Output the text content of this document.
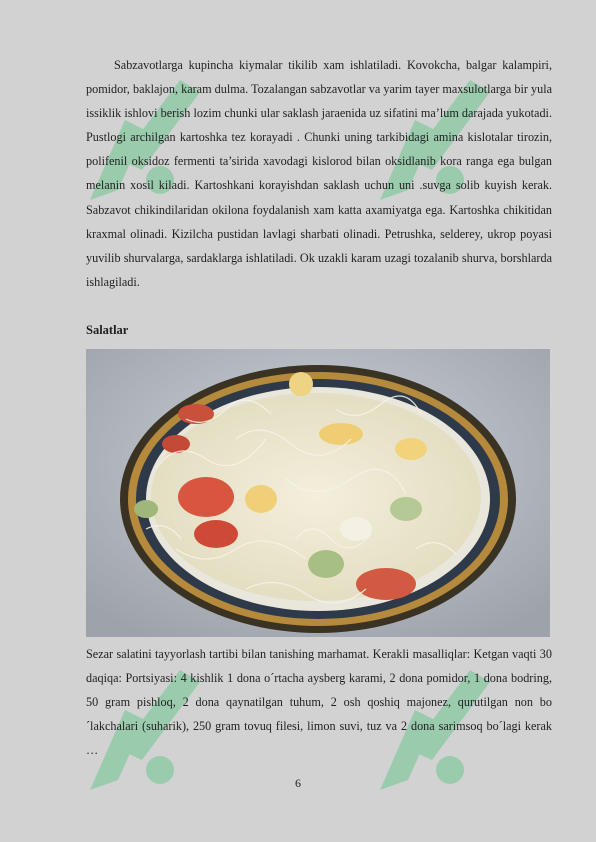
Sabzavotlarga kupincha kiymalar tikilib xam ishlatiladi. Kovokcha, balgar kalampiri, pomidor, baklajon, karam dulma. Tozalangan sabzavotlar va yarim tayer maxsulotlarga bir yula issiklik ishlovi berish lozim chunki ular saklash jaraenida uz sifatini ma’lum darajada yukotadi. Pustlogi archilgan kartoshka tez korayadi . Chunki uning tarkibidagi amina kislotalar tirozin, polifenil oksidoz fermenti ta’sirida xavodagi kislorod bilan oksidlanib kora ranga ega bulgan melanin xosil kiladi. Kartoshkani korayishdan saklash uchun uni .suvga solib kuyish kerak. Sabzavot chikindilaridan okilona foydalanish xam katta axamiyatga ega. Kartoshka chikitidan kraxmal olinadi. Kizilcha pustidan lavlagi sharbati olinadi. Petrushka, selderey, ukrop poyasi yuvilib shurvalarga, sardaklarga ishlatiladi. Ok uzakli karam uzagi tozalanib shurva, borshlarda ishlagiladi.
Salatlar
Sezar salatini tayyorlash tartibi bilan tanishing marhamat. Kerakli masalliqlar: Ketgan vaqti 30 daqiqa: Portsiyasi: 4 kishlik 1 dona o´rtacha aysberg karami, 2 dona pomidor, 1 dona bodring, 50 gram pishloq, 2 dona qaynatilgan tuhum, 2 osh qoshiq majonez, qurutilgan non bo´lakchalari (suharik), 250 gram tovuq filesi, limon suvi, tuz va 2 dona sarimsoq bo´lagi kerak …
6
